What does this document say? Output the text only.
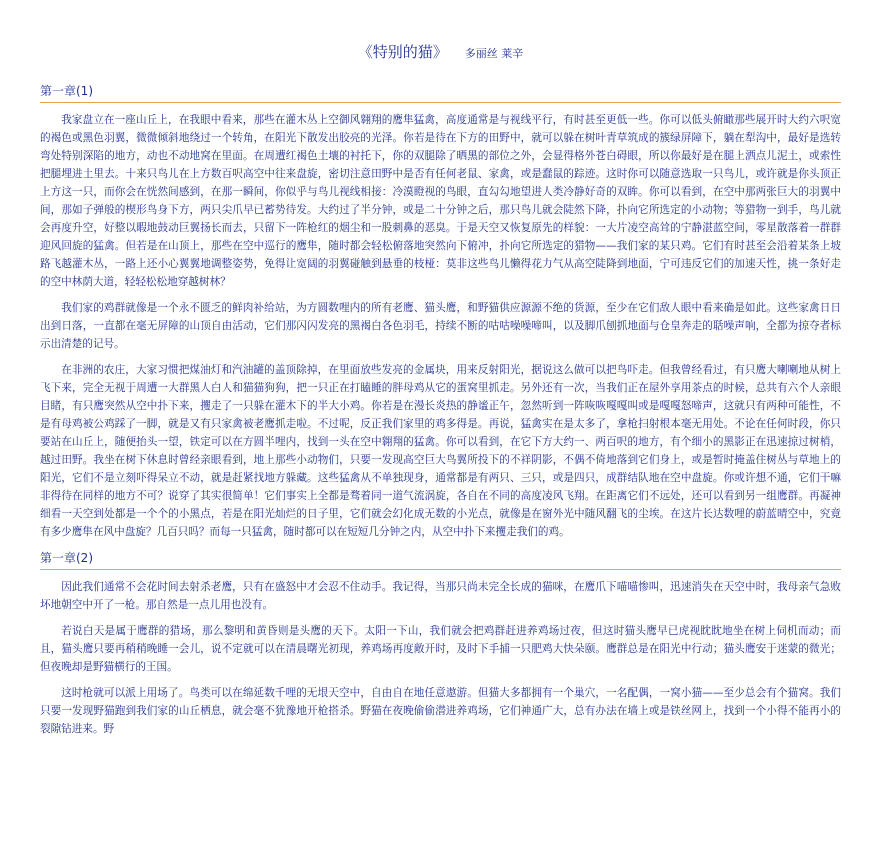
《特别的猫》 多丽丝 莱辛
第一章(1)

我家盘立在一座山丘上，在我眼中看来，那些在灌木丛上空御风翱翔的鹰隼猛禽，高度通常是与视线平行，有时甚至更低一些。你可以低头俯瞰那些展开时大约六呎宽的褐色或黑色羽翼，微微倾斜地绕过一个转角，在阳光下散发出胶亮的光泽。你若是待在下方的田野中，就可以躲在树叶青草筑成的簇绿屏障下，躺在犁沟中，最好是选转弯处特别深陷的地方，动也不动地窝在里面。在周遭红褐色土壤的衬托下，你的双腿除了晒黑的部位之外，会显得格外苍白碍眼，所以你最好是在腿上洒点儿泥土，或索性把腿埋进土里去。十来只鸟儿在上方数百呎高空中往来盘旋，密切注意田野中是否有任何老鼠、家禽，或是蠢鼠的踪迹。这时你可以随意选取一只鸟儿，或许就是你头顶正上方这一只，而你会在恍然间感到，在那一瞬间，你似乎与鸟儿视线相接：冷漠瞪视的鸟眼，直勾勾地望进人类冷静好奇的双眸。你可以看到，在空中那两张巨大的羽翼中间，那如子弹般的楔形鸟身下方，两只尖爪早已蓄势待发。大约过了半分钟，或是二十分钟之后，那只鸟儿就会陡然下降，扑向它所选定的小动物；等猎物一到手，鸟儿就会再度升空，好整以暇地鼓动巨翼扬长而去，只留下一阵枪红的烟尘和一股刺鼻的恶臭。于是天空又恢复原先的样貌：一大片凌空高耸的宁静湛蓝空间，零星散落着一群群迎风回旋的猛禽。但若是在山顶上，那些在空中巡行的鹰隼，随时都会轻松俯落地突然向下俯冲，扑向它所选定的猎物——我们家的某只鸡。它们有时甚至会沿着某条上坡路飞越灌木丛，一路上还小心翼翼地调整姿势，免得让宽阔的羽翼碰触到悬垂的枝桠：莫非这些鸟儿懒得花力气从高空陡降到地面，宁可违反它们的加速天性，挑一条好走的空中林荫大道，轻轻松松地穿越树林？

我们家的鸡群就像是一个永不匮乏的鲜肉补给站，为方圆数哩内的所有老鹰、猫头鹰，和野猫供应源源不绝的货源，至少在它们敌人眼中看来确是如此。这些家禽日日出到日落，一直都在毫无屏障的山顶自由活动，它们那闪闪发亮的黑褐白各色羽毛，持续不断的咕咕噪噪啼叫，以及脚爪刨抓地面与仓皇奔走的聒噪声响，全都为掠夺者标示出清楚的记号。

在非洲的农庄，大家习惯把煤油灯和汽油罐的盖顶除掉，在里面放些发亮的金属块，用来反射阳光，据说这么做可以把鸟吓走。但我曾经看过，有只鹰大喇喇地从树上飞下来，完全无视于周遭一大群黑人白人和猫猫狗狗，把一只正在打瞌睡的胖母鸡从它的蛋窝里抓走。另外还有一次，当我们正在屋外享用茶点的时候，总共有六个人亲眼目睹，有只鹰突然从空中扑下来，攫走了一只躲在灌木下的半大小鸡。你若是在漫长炎热的静谧正午，忽然听到一阵咴咴嘎嘎叫或是嘎嘎怒啼声，这就只有两种可能性，不是有母鸡被公鸡踩了一脚，就是又有只家禽被老鹰抓走啦。不过呢，反正我们家里的鸡多得是。再说，猛禽实在是太多了，拿枪扫射根本毫无用处。不论在任何时段，你只要站在山丘上，随便抬头一望，铁定可以在方圆半哩内，找到一头在空中翱翔的猛禽。你可以看到，在它下方大约一、两百呎的地方，有个细小的黑影正在迅速掠过树梢，越过田野。我坐在树下休息时曾经亲眼看到，地上那些小动物们，只要一发现高空巨大鸟翼所投下的不祥阴影，不偶不倚地落到它们身上，或是暂时掩盖住树丛与草地上的阳光，它们不是立刻吓得呆立不动，就是赶紧找地方躲藏。这些猛禽从不单独现身，通常都是有两只、三只，或是四只，成群结队地在空中盘旋。你或许想不通，它们干嘛非得待在同样的地方不可？说穿了其实很简单！它们事实上全都是骛着同一道气流涡旋，各自在不同的高度凌风飞翔。在距离它们不远处，还可以看到另一组鹰群。再凝神细看一天空到处都是一个个的小黑点，若是在阳光灿烂的日子里，它们就会幻化成无数的小光点，就像是在窗外光中随风翻飞的尘埃。在这片长达数哩的蔚蓝晴空中，究竟有多少鹰隼在风中盘旋？几百只吗？而每一只猛禽，随时都可以在短短几分钟之内，从空中扑下来攫走我们的鸡。

第一章(2)

因此我们通常不会花时间去射杀老鹰，只有在盛怒中才会忍不住动手。我记得，当那只尚未完全长成的猫咪，在鹰爪下喵喵惨叫，迅速消失在天空中时，我母亲气急败坏地朝空中开了一枪。那自然是一点儿用也没有。

若说白天是属于鹰群的猎场，那么黎明和黄昏则是头鹰的天下。太阳一下山，我们就会把鸡群赶进养鸡场过夜，但这时猫头鹰早已虎视眈眈地坐在树上伺机而动；而且，猫头鹰只要再稍稍晚睡一会儿，说不定就可以在清晨曙光初现，养鸡场再度敞开时，及时下手捕一只肥鸡大快朵颐。鹰群总是在阳光中行动；猫头鹰安于迷蒙的微光；但夜晚却是野猫横行的王国。

这时枪就可以派上用场了。鸟类可以在绵延数千哩的无垠天空中，自由自在地任意遨游。但猫大多都拥有一个巢穴，一名配偶，一窝小猫——至少总会有个猫窝。我们只要一发现野猫跑到我们家的山丘栖息，就会毫不犹豫地开枪搭杀。野猫在夜晚偷偷潜进养鸡场，它们神通广大，总有办法在墙上或是铁丝网上，找到一个小得不能再小的裂隙钻进来。野
